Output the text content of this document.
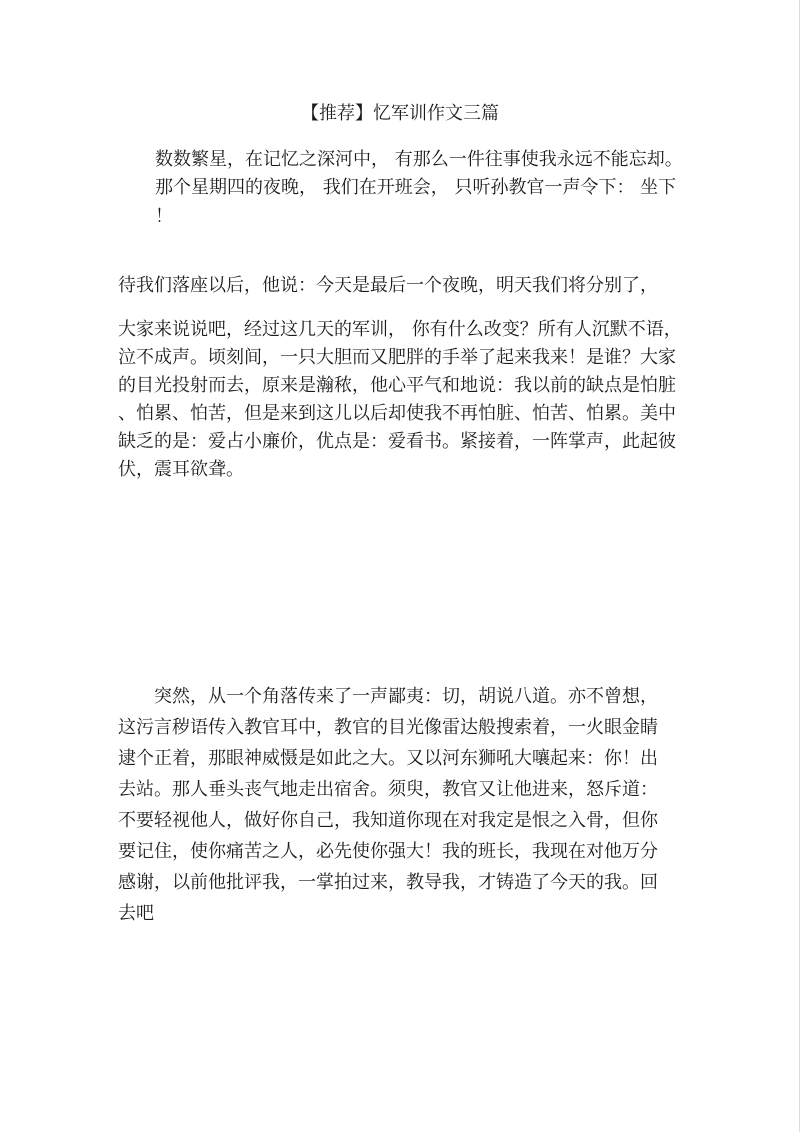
【推荐】忆军训作文三篇
数数繁星，在记忆之深河中， 有那么一件往事使我永远不能忘却。
那个星期四的夜晚， 我们在开班会， 只听孙教官一声令下： 坐下
！
待我们落座以后，他说：今天是最后一个夜晚，明天我们将分别了，
大家来说说吧，经过这几天的军训， 你有什么改变？所有人沉默不语，
泣不成声。顷刻间，一只大胆而又肥胖的手举了起来我来！是谁？大家
的目光投射而去，原来是瀚秾，他心平气和地说：我以前的缺点是怕脏
、怕累、怕苦，但是来到这儿以后却使我不再怕脏、怕苦、怕累。美中
缺乏的是：爱占小廉价，优点是：爱看书。紧接着，一阵掌声，此起彼
伏，震耳欲聋。
突然，从一个角落传来了一声鄙夷：切，胡说八道。亦不曾想，
这污言秽语传入教官耳中，教官的目光像雷达般搜索着，一火眼金睛
逮个正着，那眼神威慑是如此之大。又以河东狮吼大嚷起来：你！出
去站。那人垂头丧气地走出宿舍。须臾，教官又让他进来，怒斥道：
不要轻视他人，做好你自己，我知道你现在对我定是恨之入骨，但你
要记住，使你痛苦之人，必先使你强大！我的班长，我现在对他万分
感谢，以前他批评我，一掌拍过来，教导我，才铸造了今天的我。回
去吧
